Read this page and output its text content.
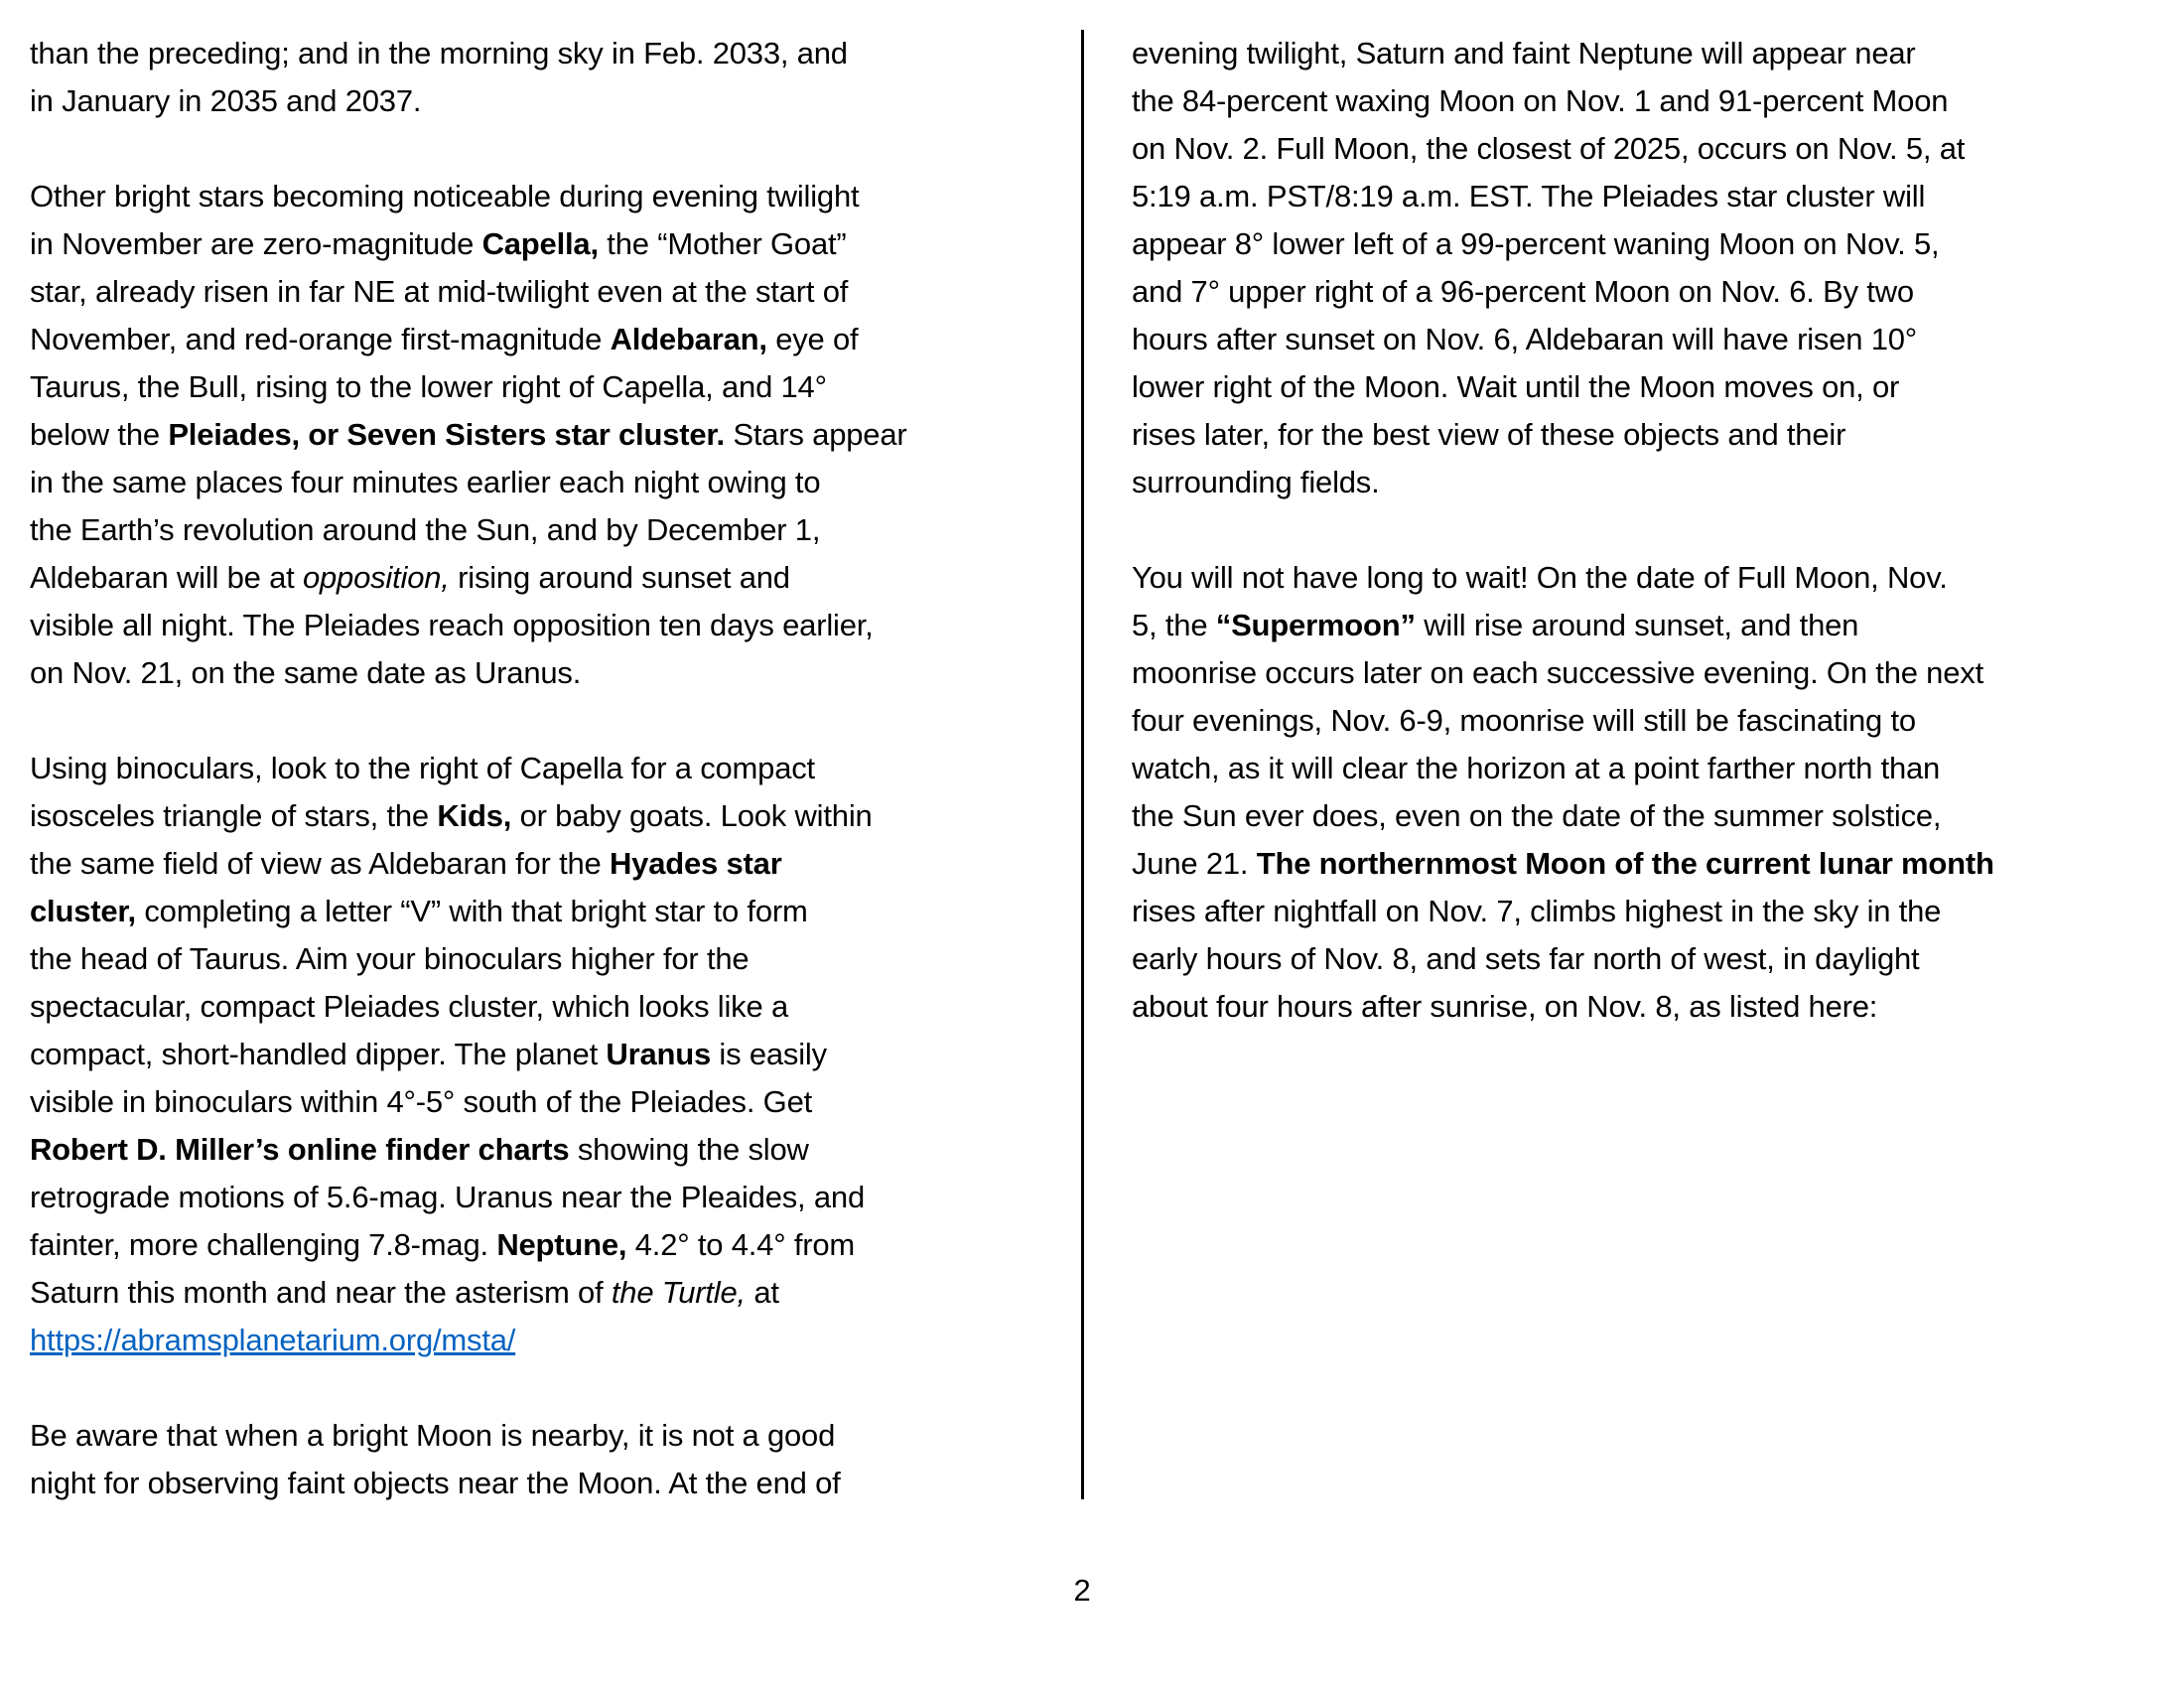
than the preceding; and in the morning sky in Feb. 2033, and
in January in 2035 and 2037.
Other bright stars becoming noticeable during evening twilight
in November are zero-magnitude Capella, the “Mother Goat”
star, already risen in far NE at mid-twilight even at the start of
November, and red-orange first-magnitude Aldebaran, eye of
Taurus, the Bull, rising to the lower right of Capella, and 14°
below the Pleiades, or Seven Sisters star cluster. Stars appear
in the same places four minutes earlier each night owing to
the Earth’s revolution around the Sun, and by December 1,
Aldebaran will be at opposition, rising around sunset and
visible all night. The Pleiades reach opposition ten days earlier,
on Nov. 21, on the same date as Uranus.
Using binoculars, look to the right of Capella for a compact
isosceles triangle of stars, the Kids, or baby goats. Look within
the same field of view as Aldebaran for the Hyades star
cluster, completing a letter “V” with that bright star to form
the head of Taurus. Aim your binoculars higher for the
spectacular, compact Pleiades cluster, which looks like a
compact, short-handled dipper. The planet Uranus is easily
visible in binoculars within 4°-5° south of the Pleiades. Get
Robert D. Miller’s online finder charts showing the slow
retrograde motions of 5.6-mag. Uranus near the Pleaides, and
fainter, more challenging 7.8-mag. Neptune, 4.2° to 4.4° from
Saturn this month and near the asterism of the Turtle, at
https://abramsplanetarium.org/msta/
Be aware that when a bright Moon is nearby, it is not a good
night for observing faint objects near the Moon. At the end of
evening twilight, Saturn and faint Neptune will appear near
the 84-percent waxing Moon on Nov. 1 and 91-percent Moon
on Nov. 2. Full Moon, the closest of 2025, occurs on Nov. 5, at
5:19 a.m. PST/8:19 a.m. EST. The Pleiades star cluster will
appear 8° lower left of a 99-percent waning Moon on Nov. 5,
and 7° upper right of a 96-percent Moon on Nov. 6. By two
hours after sunset on Nov. 6, Aldebaran will have risen 10°
lower right of the Moon. Wait until the Moon moves on, or
rises later, for the best view of these objects and their
surrounding fields.
You will not have long to wait! On the date of Full Moon, Nov.
5, the “Supermoon” will rise around sunset, and then
moonrise occurs later on each successive evening. On the next
four evenings, Nov. 6-9, moonrise will still be fascinating to
watch, as it will clear the horizon at a point farther north than
the Sun ever does, even on the date of the summer solstice,
June 21. The northernmost Moon of the current lunar month
rises after nightfall on Nov. 7, climbs highest in the sky in the
early hours of Nov. 8, and sets far north of west, in daylight
about four hours after sunrise, on Nov. 8, as listed here:
2
